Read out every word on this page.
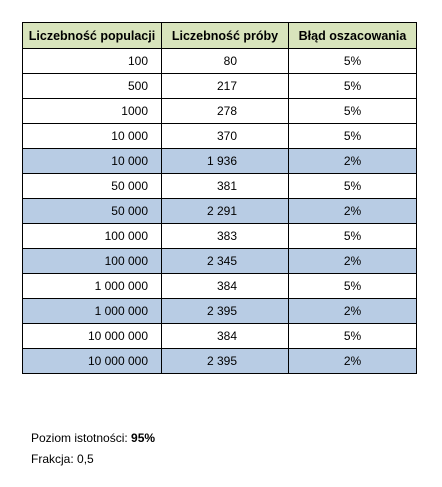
Liczebność populacji	Liczebność próby	Błąd oszacowania
100	80	5%
500	217	5%
1000	278	5%
10 000	370	5%
10 000	1 936	2%
50 000	381	5%
50 000	2 291	2%
100 000	383	5%
100 000	2 345	2%
1 000 000	384	5%
1 000 000	2 395	2%
10 000 000	384	5%
10 000 000	2 395	2%
Poziom istotności: 95%
Frakcja: 0,5
